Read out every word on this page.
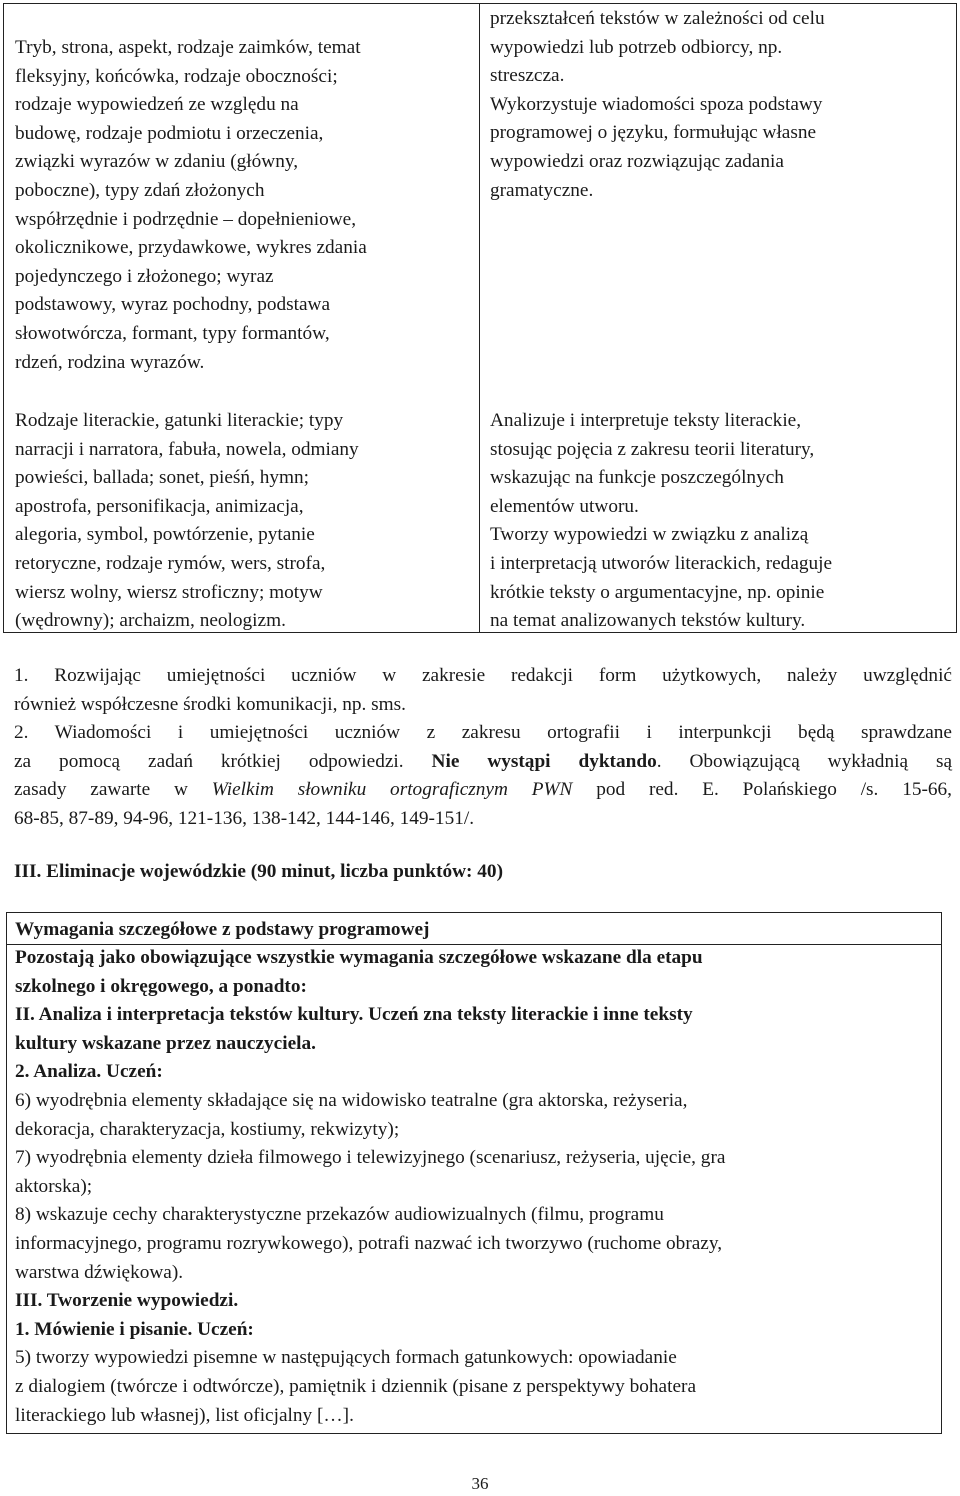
Tryb, strona, aspekt, rodzaje zaimków, temat
fleksyjny, końcówka, rodzaje oboczności;
rodzaje wypowiedzeń ze względu na
budowę, rodzaje podmiotu i orzeczenia,
związki wyrazów w zdaniu (główny,
poboczne), typy zdań złożonych
współrzędnie i podrzędnie – dopełnieniowe,
okolicznikowe, przydawkowe, wykres zdania
pojedynczego i złożonego; wyraz
podstawowy, wyraz pochodny, podstawa
słowotwórcza, formant, typy formantów,
rdzeń, rodzina wyrazów.
Rodzaje literackie, gatunki literackie; typy
narracji i narratora, fabuła, nowela, odmiany
powieści, ballada; sonet, pieśń, hymn;
apostrofa, personifikacja, animizacja,
alegoria, symbol, powtórzenie, pytanie
retoryczne, rodzaje rymów, wers, strofa,
wiersz wolny, wiersz stroficzny; motyw
(wędrowny); archaizm, neologizm.
przekształceń tekstów w zależności od celu
wypowiedzi lub potrzeb odbiorcy, np.
streszcza.
Wykorzystuje wiadomości spoza podstawy
programowej o języku, formułując własne
wypowiedzi oraz rozwiązując zadania
gramatyczne.
Analizuje i interpretuje teksty literackie,
stosując pojęcia z zakresu teorii literatury,
wskazując na funkcje poszczególnych
elementów utworu.
Tworzy wypowiedzi w związku z analizą
i interpretacją utworów literackich, redaguje
krótkie teksty o argumentacyjne, np. opinie
na temat analizowanych tekstów kultury.

1. Rozwijając umiejętności uczniów w zakresie redakcji form użytkowych, należy uwzględnić
również współczesne środki komunikacji, np. sms.

2. Wiadomości i umiejętności uczniów z zakresu ortografii i interpunkcji będą sprawdzane
za pomocą zadań krótkiej odpowiedzi. Nie wystąpi dyktando. Obowiązującą wykładnią są
zasady zawarte w Wielkim słowniku ortograficznym PWN pod red. E. Polańskiego /s. 15-66,
68-85, 87-89, 94-96, 121-136, 138-142, 144-146, 149-151/.

III. Eliminacje wojewódzkie (90 minut, liczba punktów: 40)
Wymagania szczegółowe z podstawy programowej
Pozostają jako obowiązujące wszystkie wymagania szczegółowe wskazane dla etapu
szkolnego i okręgowego, a ponadto:
II. Analiza i interpretacja tekstów kultury. Uczeń zna teksty literackie i inne teksty
kultury wskazane przez nauczyciela.
2. Analiza. Uczeń:
6) wyodrębnia elementy składające się na widowisko teatralne (gra aktorska, reżyseria,
dekoracja, charakteryzacja, kostiumy, rekwizyty);
7) wyodrębnia elementy dzieła filmowego i telewizyjnego (scenariusz, reżyseria, ujęcie, gra
aktorska);
8) wskazuje cechy charakterystyczne przekazów audiowizualnych (filmu, programu
informacyjnego, programu rozrywkowego), potrafi nazwać ich tworzywo (ruchome obrazy,
warstwa dźwiękowa).
III. Tworzenie wypowiedzi.
1. Mówienie i pisanie. Uczeń:
5) tworzy wypowiedzi pisemne w następujących formach gatunkowych: opowiadanie
z dialogiem (twórcze i odtwórcze), pamiętnik i dziennik (pisane z perspektywy bohatera
literackiego lub własnej), list oficjalny […].
36
